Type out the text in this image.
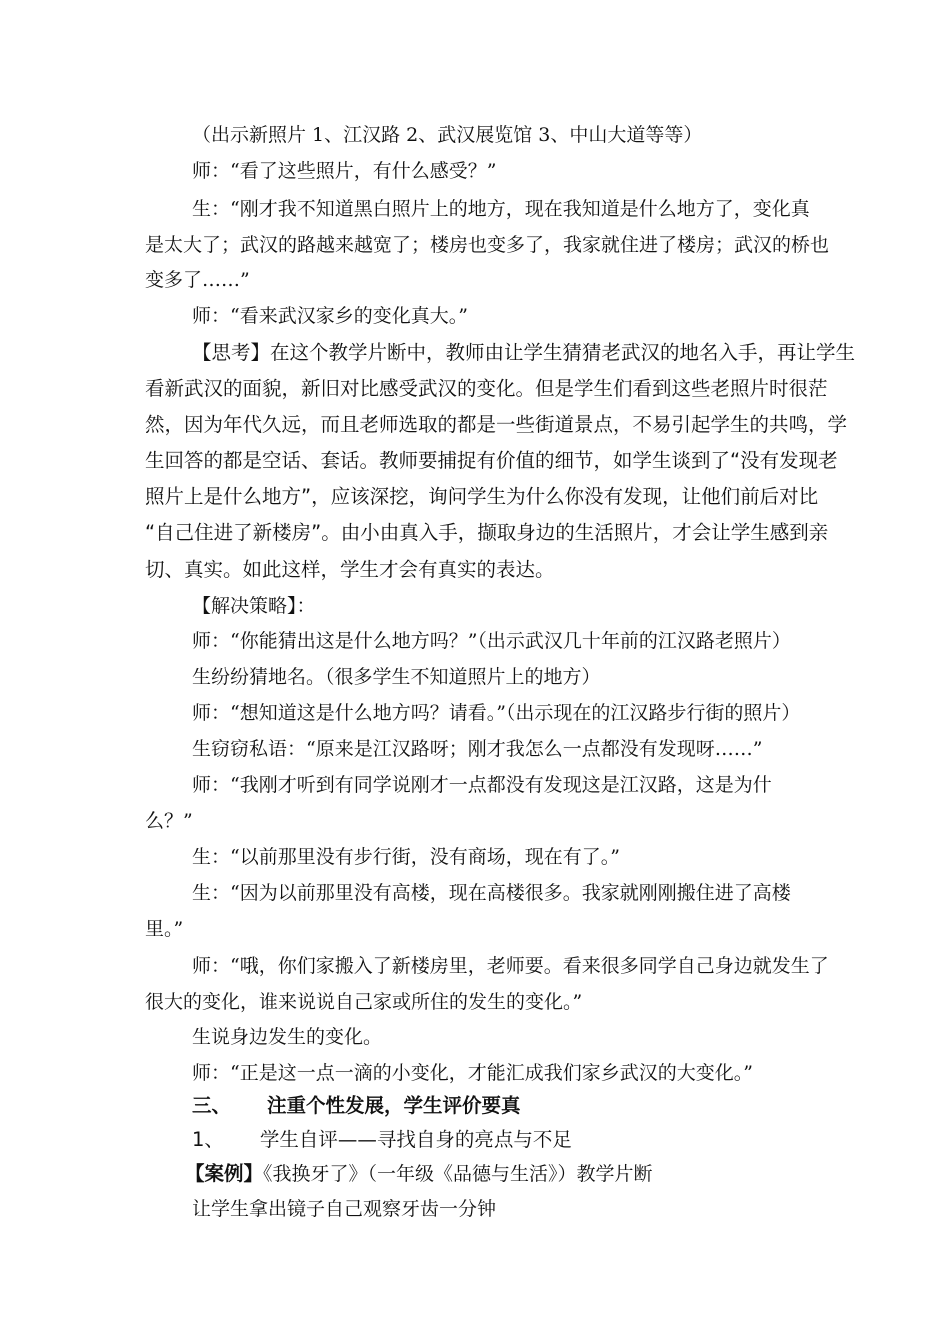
（出示新照片 1、江汉路 2、武汉展览馆 3、中山大道等等）
师：“看了这些照片，有什么感受？”
生：“刚才我不知道黑白照片上的地方，现在我知道是什么地方了，变化真
是太大了；武汉的路越来越宽了；楼房也变多了，我家就住进了楼房；武汉的桥也
变多了……”
师：“看来武汉家乡的变化真大。”
【思考】在这个教学片断中，教师由让学生猜猜老武汉的地名入手，再让学生
看新武汉的面貌，新旧对比感受武汉的变化。但是学生们看到这些老照片时很茫
然，因为年代久远，而且老师选取的都是一些街道景点，不易引起学生的共鸣，学
生回答的都是空话、套话。教师要捕捉有价值的细节，如学生谈到了“没有发现老
照片上是什么地方”，应该深挖，询问学生为什么你没有发现，让他们前后对比
“自己住进了新楼房”。由小由真入手，撷取身边的生活照片，才会让学生感到亲
切、真实。如此这样，学生才会有真实的表达。
【解决策略】：
师：“你能猜出这是什么地方吗？”（出示武汉几十年前的江汉路老照片）
生纷纷猜地名。（很多学生不知道照片上的地方）
师：“想知道这是什么地方吗？请看。”（出示现在的江汉路步行街的照片）
生窃窃私语：“原来是江汉路呀；刚才我怎么一点都没有发现呀……”
师：“我刚才听到有同学说刚才一点都没有发现这是江汉路，这是为什
么？”
生：“以前那里没有步行街，没有商场，现在有了。”
生：“因为以前那里没有高楼，现在高楼很多。我家就刚刚搬住进了高楼
里。”
师：“哦，你们家搬入了新楼房里，老师要。看来很多同学自己身边就发生了
很大的变化，谁来说说自己家或所住的发生的变化。”
生说身边发生的变化。
师：“正是这一点一滴的小变化，才能汇成我们家乡武汉的大变化。”
三、 注重个性发展，学生评价要真
1、 学生自评——寻找自身的亮点与不足
【案例】《我换牙了》（一年级《品德与生活》）教学片断
让学生拿出镜子自己观察牙齿一分钟
